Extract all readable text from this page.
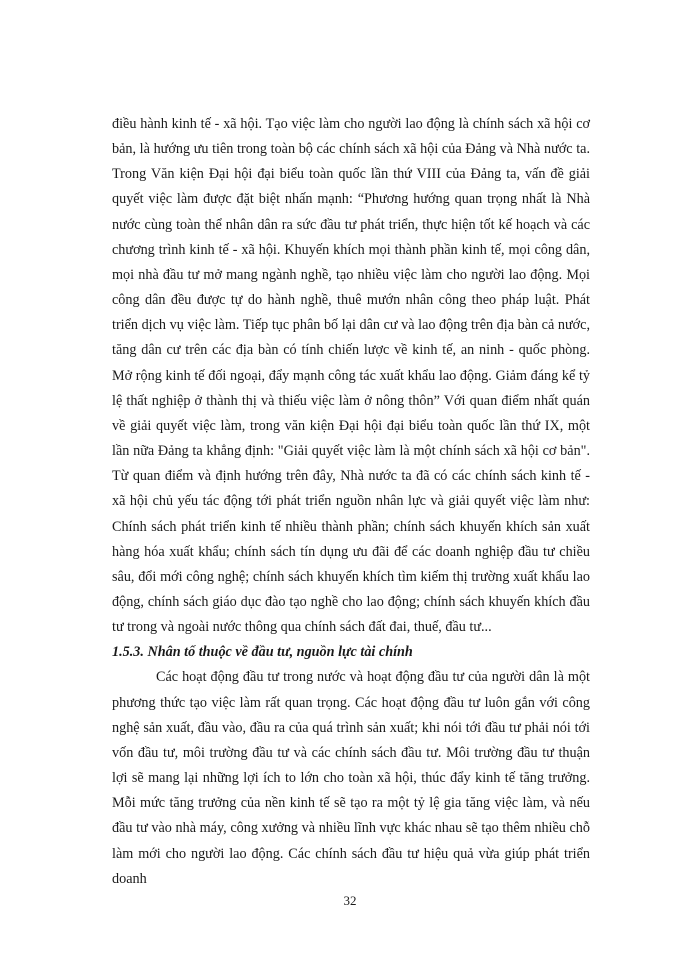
điều hành kinh tế - xã hội. Tạo việc làm cho người lao động là chính sách xã hội cơ bản, là hướng ưu tiên trong toàn bộ các chính sách xã hội của Đảng và Nhà nước ta. Trong Văn kiện Đại hội đại biểu toàn quốc lần thứ VIII của Đảng ta, vấn đề giải quyết việc làm được đặt biệt nhấn mạnh: “Phương hướng quan trọng nhất là Nhà nước cùng toàn thể nhân dân ra sức đầu tư phát triển, thực hiện tốt kế hoạch và các chương trình kinh tế - xã hội. Khuyến khích mọi thành phần kinh tế, mọi công dân, mọi nhà đầu tư mở mang ngành nghề, tạo nhiều việc làm cho người lao động. Mọi công dân đều được tự do hành nghề, thuê mướn nhân công theo pháp luật. Phát triển dịch vụ việc làm. Tiếp tục phân bố lại dân cư và lao động trên địa bàn cả nước, tăng dân cư trên các địa bàn có tính chiến lược về kinh tế, an ninh - quốc phòng. Mở rộng kinh tế đối ngoại, đẩy mạnh công tác xuất khẩu lao động. Giảm đáng kể tỷ lệ thất nghiệp ở thành thị và thiếu việc làm ở nông thôn” Với quan điểm nhất quán về giải quyết việc làm, trong văn kiện Đại hội đại biểu toàn quốc lần thứ IX, một lần nữa Đảng ta khẳng định: "Giải quyết việc làm là một chính sách xã hội cơ bản". Từ quan điểm và định hướng trên đây, Nhà nước ta đã có các chính sách kinh tế - xã hội chủ yếu tác động tới phát triển nguồn nhân lực và giải quyết việc làm như: Chính sách phát triển kinh tế nhiều thành phần; chính sách khuyến khích sản xuất hàng hóa xuất khẩu; chính sách tín dụng ưu đãi để các doanh nghiệp đầu tư chiều sâu, đổi mới công nghệ; chính sách khuyến khích tìm kiếm thị trường xuất khẩu lao động, chính sách giáo dục đào tạo nghề cho lao động; chính sách khuyến khích đầu tư trong và ngoài nước thông qua chính sách đất đai, thuế, đầu tư...

1.5.3. Nhân tố thuộc về đầu tư, nguồn lực tài chính

Các hoạt động đầu tư trong nước và hoạt động đầu tư của người dân là một phương thức tạo việc làm rất quan trọng. Các hoạt động đầu tư luôn gắn với công nghệ sản xuất, đầu vào, đầu ra của quá trình sản xuất; khi nói tới đầu tư phải nói tới vốn đầu tư, môi trường đầu tư và các chính sách đầu tư. Môi trường đầu tư thuận lợi sẽ mang lại những lợi ích to lớn cho toàn xã hội, thúc đẩy kinh tế tăng trưởng. Mỗi mức tăng trưởng của nền kinh tế sẽ tạo ra một tỷ lệ gia tăng việc làm, và nếu đầu tư vào nhà máy, công xưởng và nhiều lĩnh vực khác nhau sẽ tạo thêm nhiều chỗ làm mới cho người lao động. Các chính sách đầu tư hiệu quả vừa giúp phát triển doanh

32
